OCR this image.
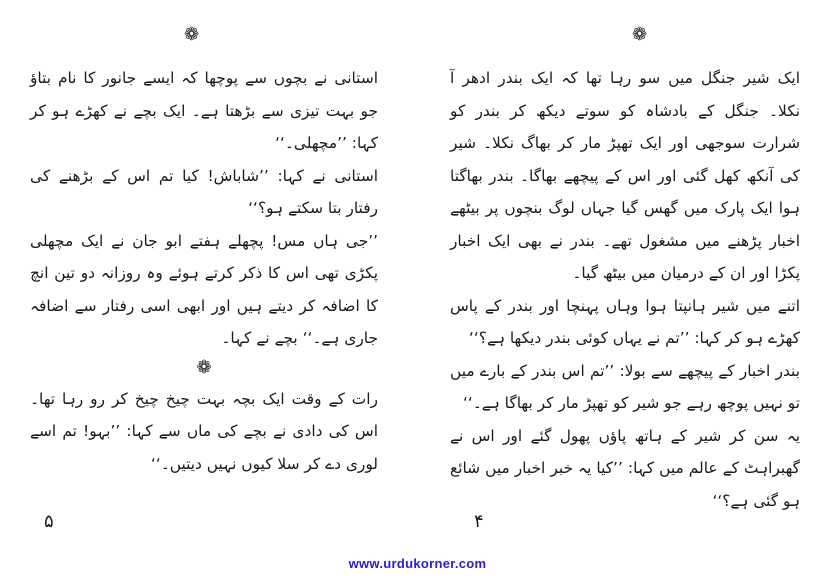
❁

استانی نے بچوں سے پوچھا کہ ایسے جانور کا نام بتاؤ جو بہت تیزی سے بڑھتا ہے۔ ایک بچے نے کھڑے ہو کر کہا: ’’مچھلی۔‘‘

استانی نے کہا: ’’شاباش! کیا تم اس کے بڑھنے کی رفتار بتا سکتے ہو؟‘‘

’’جی ہاں مس! پچھلے ہفتے ابو جان نے ایک مچھلی پکڑی تھی اس کا ذکر کرتے ہوئے وہ روزانہ دو تین انچ کا اضافہ کر دیتے ہیں اور ابھی اسی رفتار سے اضافہ جاری ہے۔‘‘ بچے نے کہا۔

❁

رات کے وقت ایک بچہ بہت چیخ چیخ کر رو رہا تھا۔ اس کی دادی نے بچے کی ماں سے کہا: ’’بہو! تم اسے لوری دے کر سلا کیوں نہیں دیتیں۔‘‘

۵
❁

ایک شیر جنگل میں سو رہا تھا کہ ایک بندر ادھر آ نکلا۔ جنگل کے بادشاہ کو سوتے دیکھ کر بندر کو شرارت سوجھی اور ایک تھپڑ مار کر بھاگ نکلا۔ شیر کی آنکھ کھل گئی اور اس کے پیچھے بھاگا۔ بندر بھاگتا ہوا ایک پارک میں گھس گیا جہاں لوگ بنچوں پر بیٹھے اخبار پڑھنے میں مشغول تھے۔ بندر نے بھی ایک اخبار پکڑا اور ان کے درمیان میں بیٹھ گیا۔

اتنے میں شیر ہانپتا ہوا وہاں پہنچا اور بندر کے پاس کھڑے ہو کر کہا: ’’تم نے یہاں کوئی بندر دیکھا ہے؟‘‘

بندر اخبار کے پیچھے سے بولا: ’’تم اس بندر کے بارے میں تو نہیں پوچھ رہے جو شیر کو تھپڑ مار کر بھاگا ہے۔‘‘

یہ سن کر شیر کے ہاتھ پاؤں پھول گئے اور اس نے گھبراہٹ کے عالم میں کہا: ’’کیا یہ خبر اخبار میں شائع ہو گئی ہے؟‘‘

۴
www.urdukorner.com
